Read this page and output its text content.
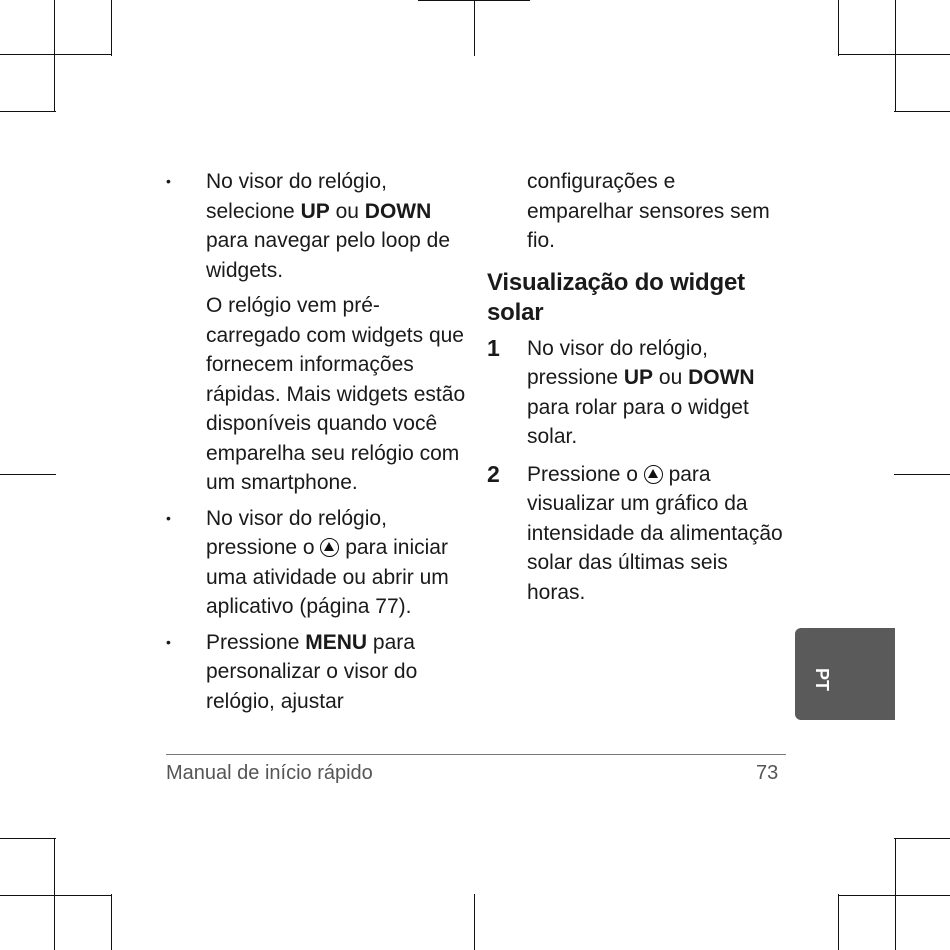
•	No visor do relógio, selecione UP ou DOWN para navegar pelo loop de widgets.

O relógio vem pré-carregado com widgets que fornecem informações rápidas. Mais widgets estão disponíveis quando você emparelha seu relógio com um smartphone.

•	No visor do relógio, pressione o  para iniciar uma atividade ou abrir um aplicativo (página 77).

•	Pressione MENU para personalizar o visor do relógio, ajustar

configurações e emparelhar sensores sem fio.

Visualização do widget solar
1 No visor do relógio, pressione UP ou DOWN para rolar para o widget solar.

2 Pressione o  para visualizar um gráfico da intensidade da alimentação solar das últimas seis horas.

PT
Manual de início rápido	73
